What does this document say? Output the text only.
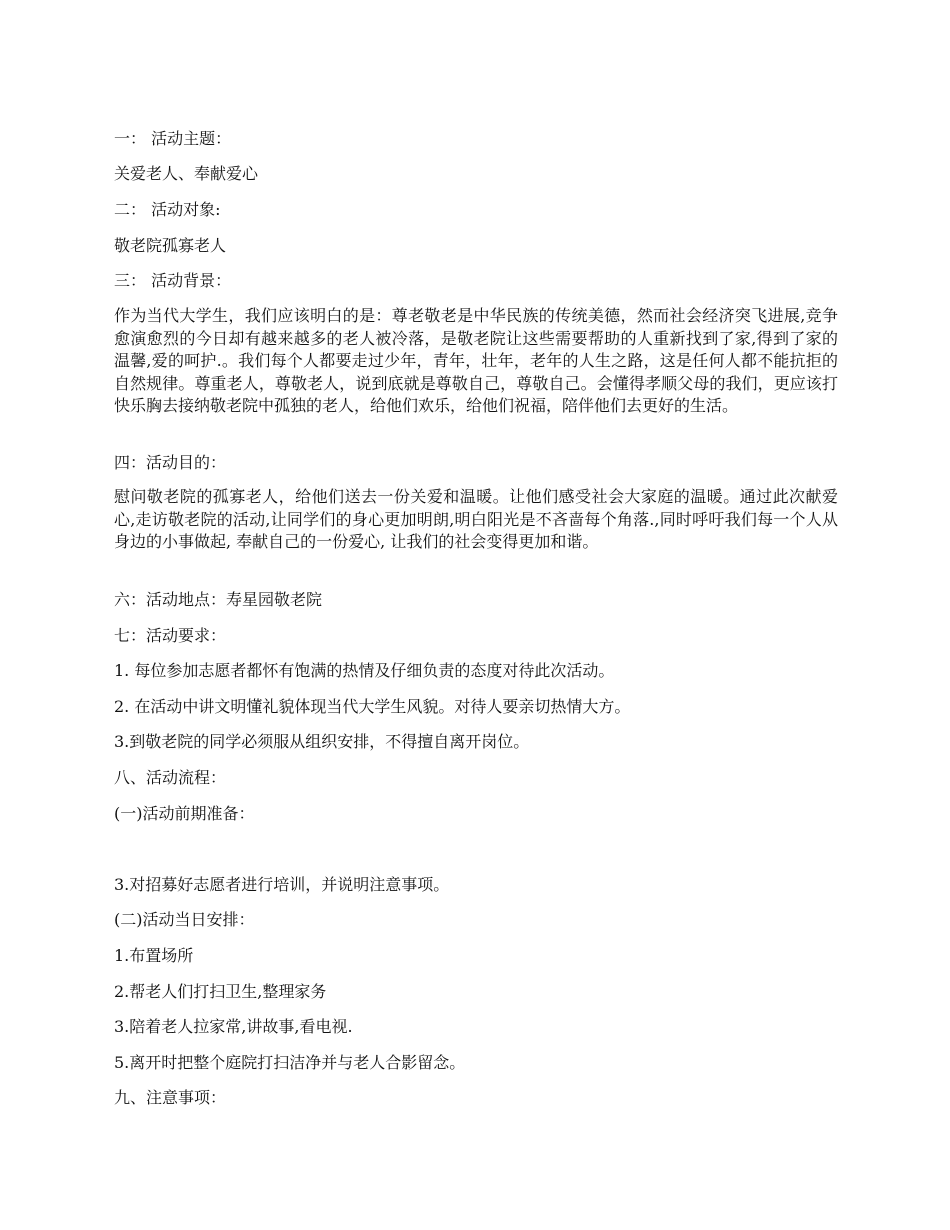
一： 活动主题：
关爱老人、奉献爱心
二： 活动对象:
敬老院孤寡老人
三： 活动背景：
作为当代大学生，我们应该明白的是：尊老敬老是中华民族的传统美德，然而社会经济突飞进展,竞争愈演愈烈的今日却有越来越多的老人被冷落，是敬老院让这些需要帮助的人重新找到了家,得到了家的温馨,爱的呵护.。我们每个人都要走过少年，青年，壮年，老年的人生之路，这是任何人都不能抗拒的自然规律。尊重老人，尊敬老人，说到底就是尊敬自己，尊敬自己。会懂得孝顺父母的我们，更应该打快乐胸去接纳敬老院中孤独的老人，给他们欢乐，给他们祝福，陪伴他们去更好的生活。
四：活动目的：
慰问敬老院的孤寡老人，给他们送去一份关爱和温暖。让他们感受社会大家庭的温暖。通过此次献爱心,走访敬老院的活动,让同学们的身心更加明朗,明白阳光是不吝啬每个角落.,同时呼吁我们每一个人从身边的小事做起, 奉献自己的一份爱心, 让我们的社会变得更加和谐。
六：活动地点：寿星园敬老院
七：活动要求：
1. 每位参加志愿者都怀有饱满的热情及仔细负责的态度对待此次活动。
2. 在活动中讲文明懂礼貌体现当代大学生风貌。对待人要亲切热情大方。
3.到敬老院的同学必须服从组织安排，不得擅自离开岗位。
八、活动流程：
(一)活动前期准备：
3.对招募好志愿者进行培训，并说明注意事项。
(二)活动当日安排：
1.布置场所
2.帮老人们打扫卫生,整理家务
3.陪着老人拉家常,讲故事,看电视.
5.离开时把整个庭院打扫洁净并与老人合影留念。
九、注意事项：
